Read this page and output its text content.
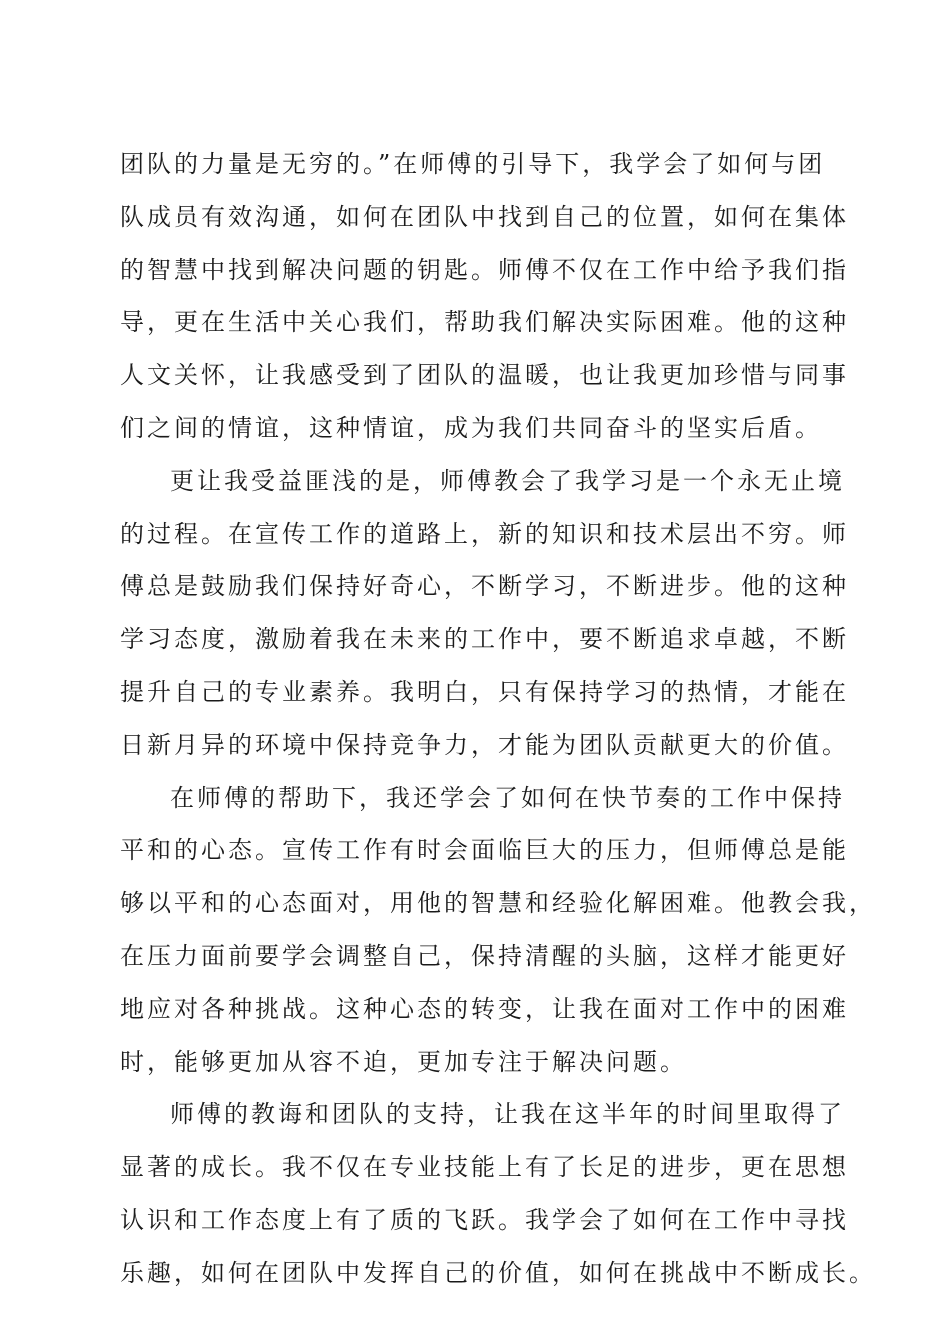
团队的力量是无穷的。”在师傅的引导下，我学会了如何与团
队成员有效沟通，如何在团队中找到自己的位置，如何在集体
的智慧中找到解决问题的钥匙。师傅不仅在工作中给予我们指
导，更在生活中关心我们，帮助我们解决实际困难。他的这种
人文关怀，让我感受到了团队的温暖，也让我更加珍惜与同事
们之间的情谊，这种情谊，成为我们共同奋斗的坚实后盾。
更让我受益匪浅的是，师傅教会了我学习是一个永无止境
的过程。在宣传工作的道路上，新的知识和技术层出不穷。师
傅总是鼓励我们保持好奇心，不断学习，不断进步。他的这种
学习态度，激励着我在未来的工作中，要不断追求卓越，不断
提升自己的专业素养。我明白，只有保持学习的热情，才能在
日新月异的环境中保持竞争力，才能为团队贡献更大的价值。
在师傅的帮助下，我还学会了如何在快节奏的工作中保持
平和的心态。宣传工作有时会面临巨大的压力，但师傅总是能
够以平和的心态面对，用他的智慧和经验化解困难。他教会我，
在压力面前要学会调整自己，保持清醒的头脑，这样才能更好
地应对各种挑战。这种心态的转变，让我在面对工作中的困难
时，能够更加从容不迫，更加专注于解决问题。
师傅的教诲和团队的支持，让我在这半年的时间里取得了
显著的成长。我不仅在专业技能上有了长足的进步，更在思想
认识和工作态度上有了质的飞跃。我学会了如何在工作中寻找
乐趣，如何在团队中发挥自己的价值，如何在挑战中不断成长。
